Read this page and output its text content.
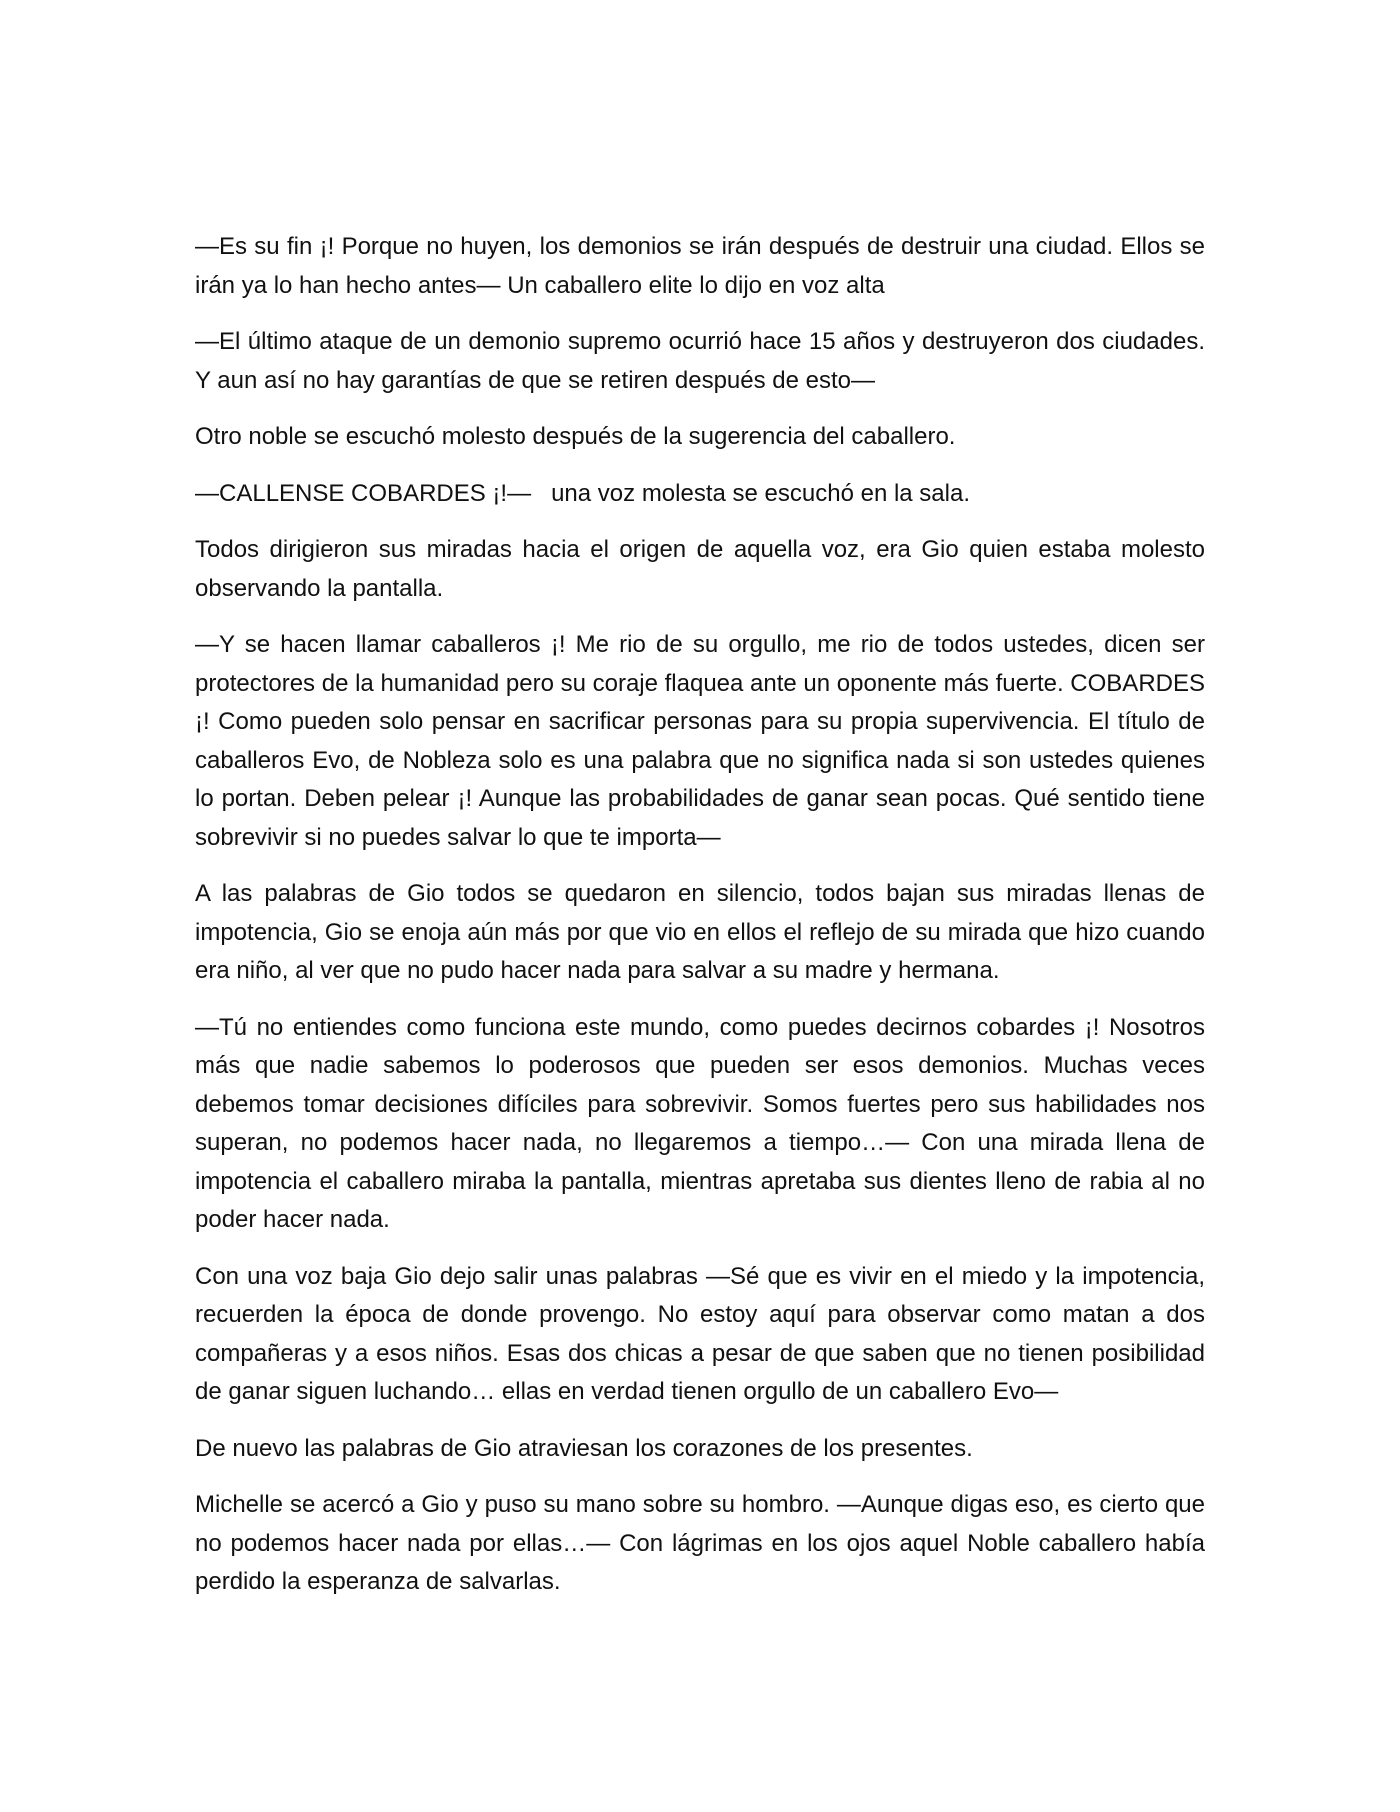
—Es su fin ¡! Porque no huyen, los demonios se irán después de destruir una ciudad. Ellos se irán ya lo han hecho antes— Un caballero elite lo dijo en voz alta

—El último ataque de un demonio supremo ocurrió hace 15 años y destruyeron dos ciudades. Y aun así no hay garantías de que se retiren después de esto—

Otro noble se escuchó molesto después de la sugerencia del caballero.

—CALLENSE COBARDES ¡!—   una voz molesta se escuchó en la sala.

Todos dirigieron sus miradas hacia el origen de aquella voz, era Gio quien estaba molesto observando la pantalla.

—Y se hacen llamar caballeros ¡! Me rio de su orgullo, me rio de todos ustedes, dicen ser protectores de la humanidad pero su coraje flaquea ante un oponente más fuerte. COBARDES ¡! Como pueden solo pensar en sacrificar personas para su propia supervivencia. El título de caballeros Evo, de Nobleza solo es una palabra que no significa nada si son ustedes quienes lo portan. Deben pelear ¡! Aunque las probabilidades de ganar sean pocas. Qué sentido tiene sobrevivir si no puedes salvar lo que te importa—

A las palabras de Gio todos se quedaron en silencio, todos bajan sus miradas llenas de impotencia, Gio se enoja aún más por que vio en ellos el reflejo de su mirada que hizo cuando era niño, al ver que no pudo hacer nada para salvar a su madre y hermana.

—Tú no entiendes como funciona este mundo, como puedes decirnos cobardes ¡! Nosotros más que nadie sabemos lo poderosos que pueden ser esos demonios. Muchas veces debemos tomar decisiones difíciles para sobrevivir. Somos fuertes pero sus habilidades nos superan, no podemos hacer nada, no llegaremos a tiempo…— Con una mirada llena de impotencia el caballero miraba la pantalla, mientras apretaba sus dientes lleno de rabia al no poder hacer nada.

Con una voz baja Gio dejo salir unas palabras —Sé que es vivir en el miedo y la impotencia, recuerden la época de donde provengo. No estoy aquí para observar como matan a dos compañeras y a esos niños. Esas dos chicas a pesar de que saben que no tienen posibilidad de ganar siguen luchando… ellas en verdad tienen orgullo de un caballero Evo—

De nuevo las palabras de Gio atraviesan los corazones de los presentes.

Michelle se acercó a Gio y puso su mano sobre su hombro. —Aunque digas eso, es cierto que no podemos hacer nada por ellas…— Con lágrimas en los ojos aquel Noble caballero había perdido la esperanza de salvarlas.
